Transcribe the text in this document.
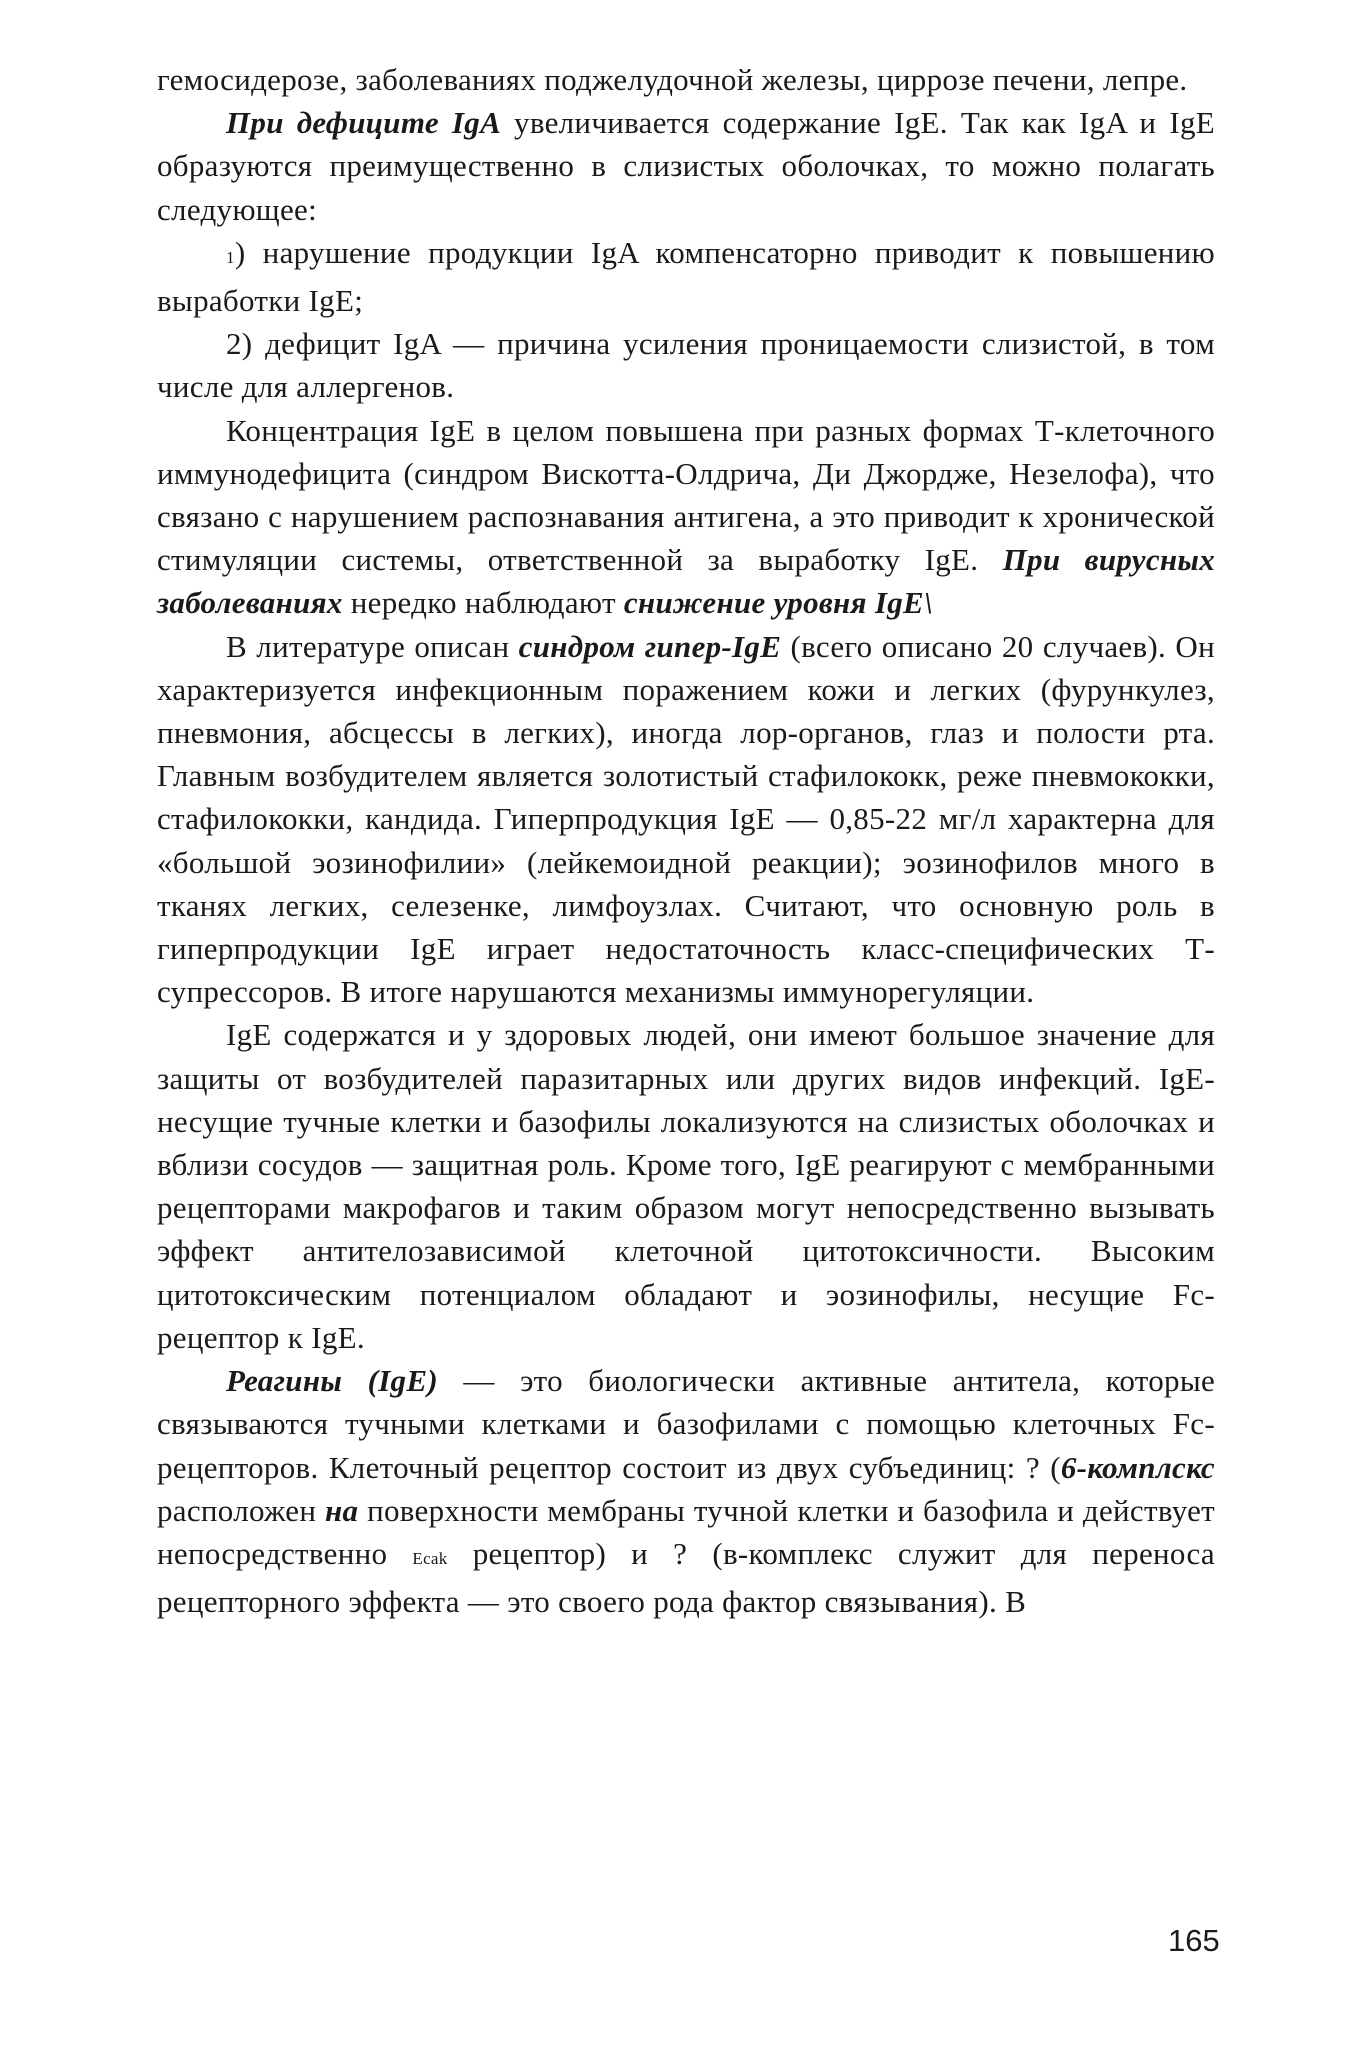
гемосидерозе, заболеваниях поджелудочной железы, циррозе печени, лепре.

При дефиците IgA увеличивается содержание IgE. Так как IgA и IgE образуются преимущественно в слизистых оболочках, то можно полагать следующее:

1) нарушение продукции IgA компенсаторно приводит к повышению выработки IgE;

2) дефицит IgA — причина усиления проницаемости слизистой, в том числе для аллергенов.

Концентрация IgE в целом повышена при разных формах Т-клеточного иммунодефицита (синдром Вискотта-Олдрича, Ди Джордже, Незелофа), что связано с нарушением распознавания антигена, а это приводит к хронической стимуляции системы, ответственной за выработку IgE. При вирусных заболеваниях нередко наблюдают снижение уровня IgE\

В литературе описан синдром гипер-IgE (всего описано 20 случаев). Он характеризуется инфекционным поражением кожи и легких (фурункулез, пневмония, абсцессы в легких), иногда лор-органов, глаз и полости рта. Главным возбудителем является золотистый стафилококк, реже пневмококки, стафилококки, кандида. Гиперпродукция IgE — 0,85-22 мг/л характерна для «большой эозинофилии» (лейкемоидной реакции); эозинофилов много в тканях легких, селезенке, лимфоузлах. Считают, что основную роль в гиперпродукции IgE играет недостаточность класс-специфических Т-супрессоров. В итоге нарушаются механизмы иммунорегуляции.

IgE содержатся и у здоровых людей, они имеют большое значение для защиты от возбудителей паразитарных или других видов инфекций. IgE-несущие тучные клетки и базофилы локализуются на слизистых оболочках и вблизи сосудов — защитная роль. Кроме того, IgE реагируют с мембранными рецепторами макрофагов и таким образом могут непосредственно вызывать эффект антителозависимой клеточной цитотоксичности. Высоким цитотоксическим потенциалом обладают и эозинофилы, несущие Fc-рецептор к IgE.

Реагины (IgE) — это биологически активные антитела, которые связываются тучными клетками и базофилами с помощью клеточных Fc-рецепторов. Клеточный рецептор состоит из двух субъединиц: ? (6-комплскс расположен на поверхности мембраны тучной клетки и базофила и действует непосредственно Ecak рецептор) и ? (в-комплекс служит для переноса рецепторного эффекта — это своего рода фактор связывания). В

165
